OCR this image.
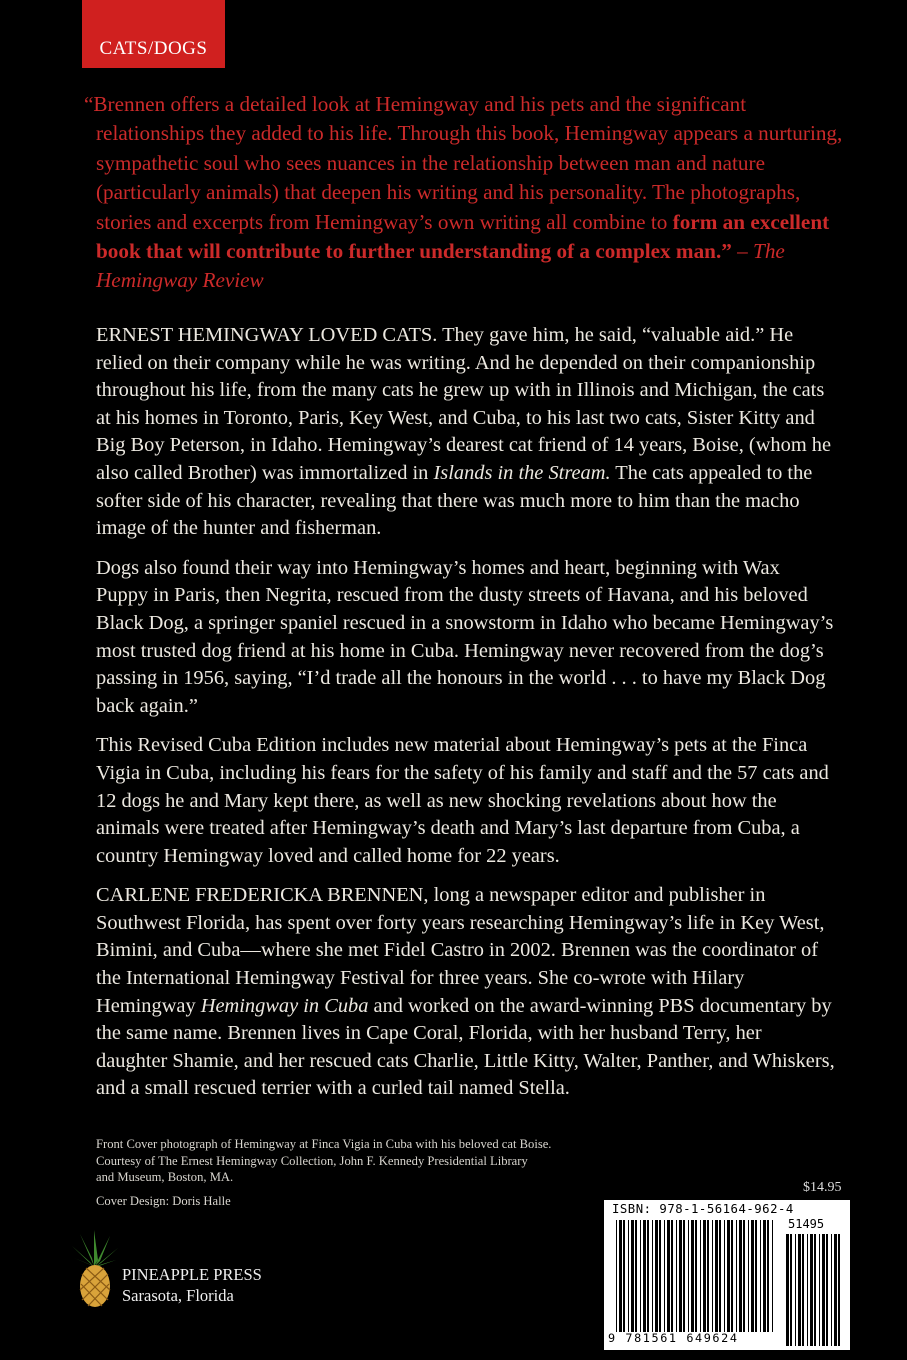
CATS/DOGS

“Brennen offers a detailed look at Hemingway and his pets and the significant relationships they added to his life. Through this book, Hemingway appears a nurturing, sympathetic soul who sees nuances in the relationship between man and nature (particularly animals) that deepen his writing and his personality. The photographs, stories and excerpts from Hemingway’s own writing all combine to form an excellent book that will contribute to further understanding of a complex man.” – The Hemingway Review

ERNEST HEMINGWAY LOVED CATS. They gave him, he said, “valuable aid.” He relied on their company while he was writing. And he depended on their companionship throughout his life, from the many cats he grew up with in Illinois and Michigan, the cats at his homes in Toronto, Paris, Key West, and Cuba, to his last two cats, Sister Kitty and Big Boy Peterson, in Idaho. Hemingway’s dearest cat friend of 14 years, Boise, (whom he also called Brother) was immortalized in Islands in the Stream. The cats appealed to the softer side of his character, revealing that there was much more to him than the macho image of the hunter and fisherman.

Dogs also found their way into Hemingway’s homes and heart, beginning with Wax Puppy in Paris, then Negrita, rescued from the dusty streets of Havana, and his beloved Black Dog, a springer spaniel rescued in a snowstorm in Idaho who became Hemingway’s most trusted dog friend at his home in Cuba. Hemingway never recovered from the dog’s passing in 1956, saying, “I’d trade all the honours in the world . . . to have my Black Dog back again.”

This Revised Cuba Edition includes new material about Hemingway’s pets at the Finca Vigia in Cuba, including his fears for the safety of his family and staff and the 57 cats and 12 dogs he and Mary kept there, as well as new shocking revelations about how the animals were treated after Hemingway’s death and Mary’s last departure from Cuba, a country Hemingway loved and called home for 22 years.

CARLENE FREDERICKA BRENNEN, long a newspaper editor and publisher in Southwest Florida, has spent over forty years researching Hemingway’s life in Key West, Bimini, and Cuba—where she met Fidel Castro in 2002. Brennen was the coordinator of the International Hemingway Festival for three years. She co-wrote with Hilary Hemingway Hemingway in Cuba and worked on the award-winning PBS documentary by the same name. Brennen lives in Cape Coral, Florida, with her husband Terry, her daughter Shamie, and her rescued cats Charlie, Little Kitty, Walter, Panther, and Whiskers, and a small rescued terrier with a curled tail named Stella.

Front Cover photograph of Hemingway at Finca Vigia in Cuba with his beloved cat Boise.
Courtesy of The Ernest Hemingway Collection, John F. Kennedy Presidential Library
and Museum, Boston, MA.
Cover Design: Doris Halle
PINEAPPLE PRESS
Sarasota, Florida
$14.95
ISBN: 978-1-56164-962-4
51495
9 781561 649624
